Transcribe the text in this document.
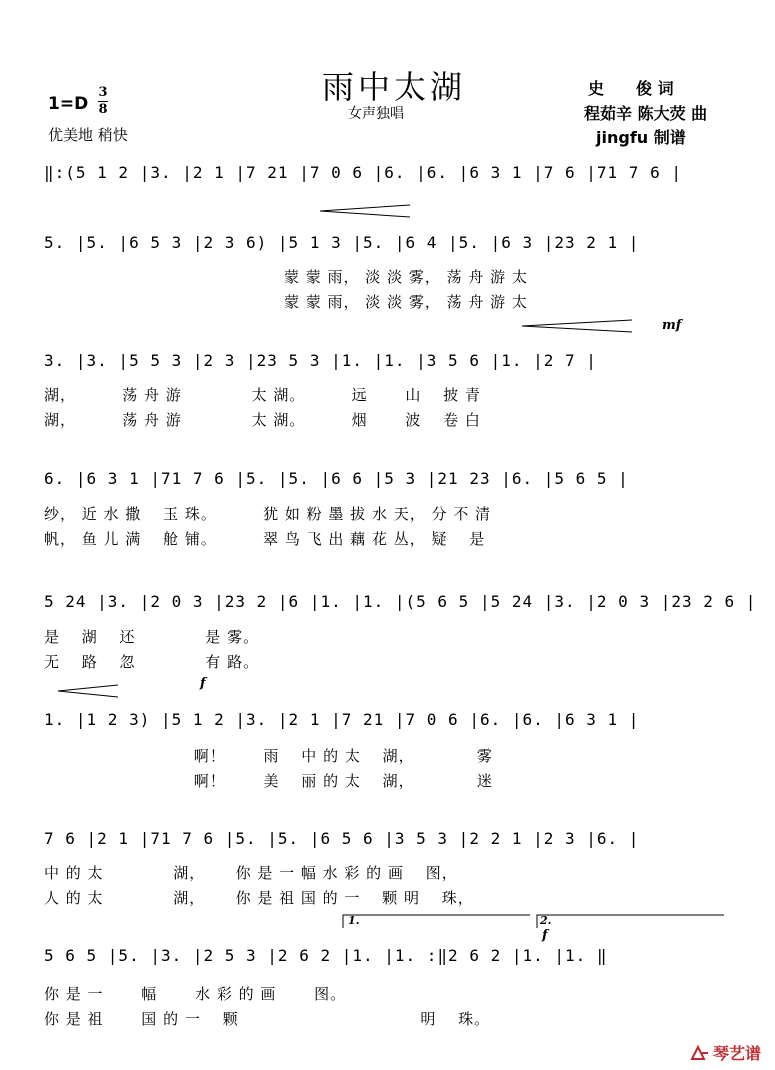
雨中太湖
女声独唱
1=D
3
8
优美地 稍快
史　　俊 词
程茹辛 陈大荧 曲
jingfu 制谱
mf
f
f
1.	2.
‖:(5 1 2 |3. |2 1 |7 21 |7 0 6 |6. |6. |6 3 1 |7 6 |71 7 6 |
5. |5. |6 5 3 |2 3 6) |5 1 3 |5. |6 4 |5. |6 3 |23 2 1 |
　　　　　　　　　　　　　　　蒙 蒙 雨， 淡 淡 雾， 荡 舟 游 太
　　　　　　　　　　　　　　　蒙 蒙 雨， 淡 淡 雾， 荡 舟 游 太
3. |3. |5 5 3 |2 3 |23 5 3 |1. |1. |3 5 6 |1. |2 7 |
湖，　　　 荡 舟 游　　　　 太 湖。　　　 远　　 山　 披 青
湖，　　　 荡 舟 游　　　　 太 湖。　　　 烟　　 波　 卷 白
6. |6 3 1 |71 7 6 |5. |5. |6 6 |5 3 |21 23 |6. |5 6 5 |
纱， 近 水 撒　 玉 珠。　　　 犹 如 粉 墨 拔 水 天， 分 不 清
帆， 鱼 儿 满　 舱 铺。　　　 翠 鸟 飞 出 藕 花 丛， 疑　 是
5 24 |3. |2 0 3 |23 2 |6 |1. |1. |(5 6 5 |5 24 |3. |2 0 3 |23 2 6 |
是　 湖　 还　　　　 是 雾。
无　 路　 忽　　　　 有 路。
1. |1 2 3) |5 1 2 |3. |2 1 |7 21 |7 0 6 |6. |6. |6 3 1 |
　　　　　　　　　 啊！　　 雨　 中 的 太　 湖，　　　　 雾
　　　　　　　　　 啊！　　 美　 丽 的 太　 湖，　　　　 迷
7 6 |2 1 |71 7 6 |5. |5. |6 5 6 |3 5 3 |2 2 1 |2 3 |6. |
中 的 太　　　　 湖，　　 你 是 一 幅 水 彩 的 画　 图，
人 的 太　　　　 湖，　　 你 是 祖 国 的 一　 颗 明　 珠，
5 6 5 |5. |3. |2 5 3 |2 6 2 |1. |1. :‖2 6 2 |1. |1. ‖
你 是 一　　 幅　　 水 彩 的 画　　 图。
你 是 祖　　 国 的 一　 颗　　　　　　　　　　　 明　 珠。
琴艺谱
